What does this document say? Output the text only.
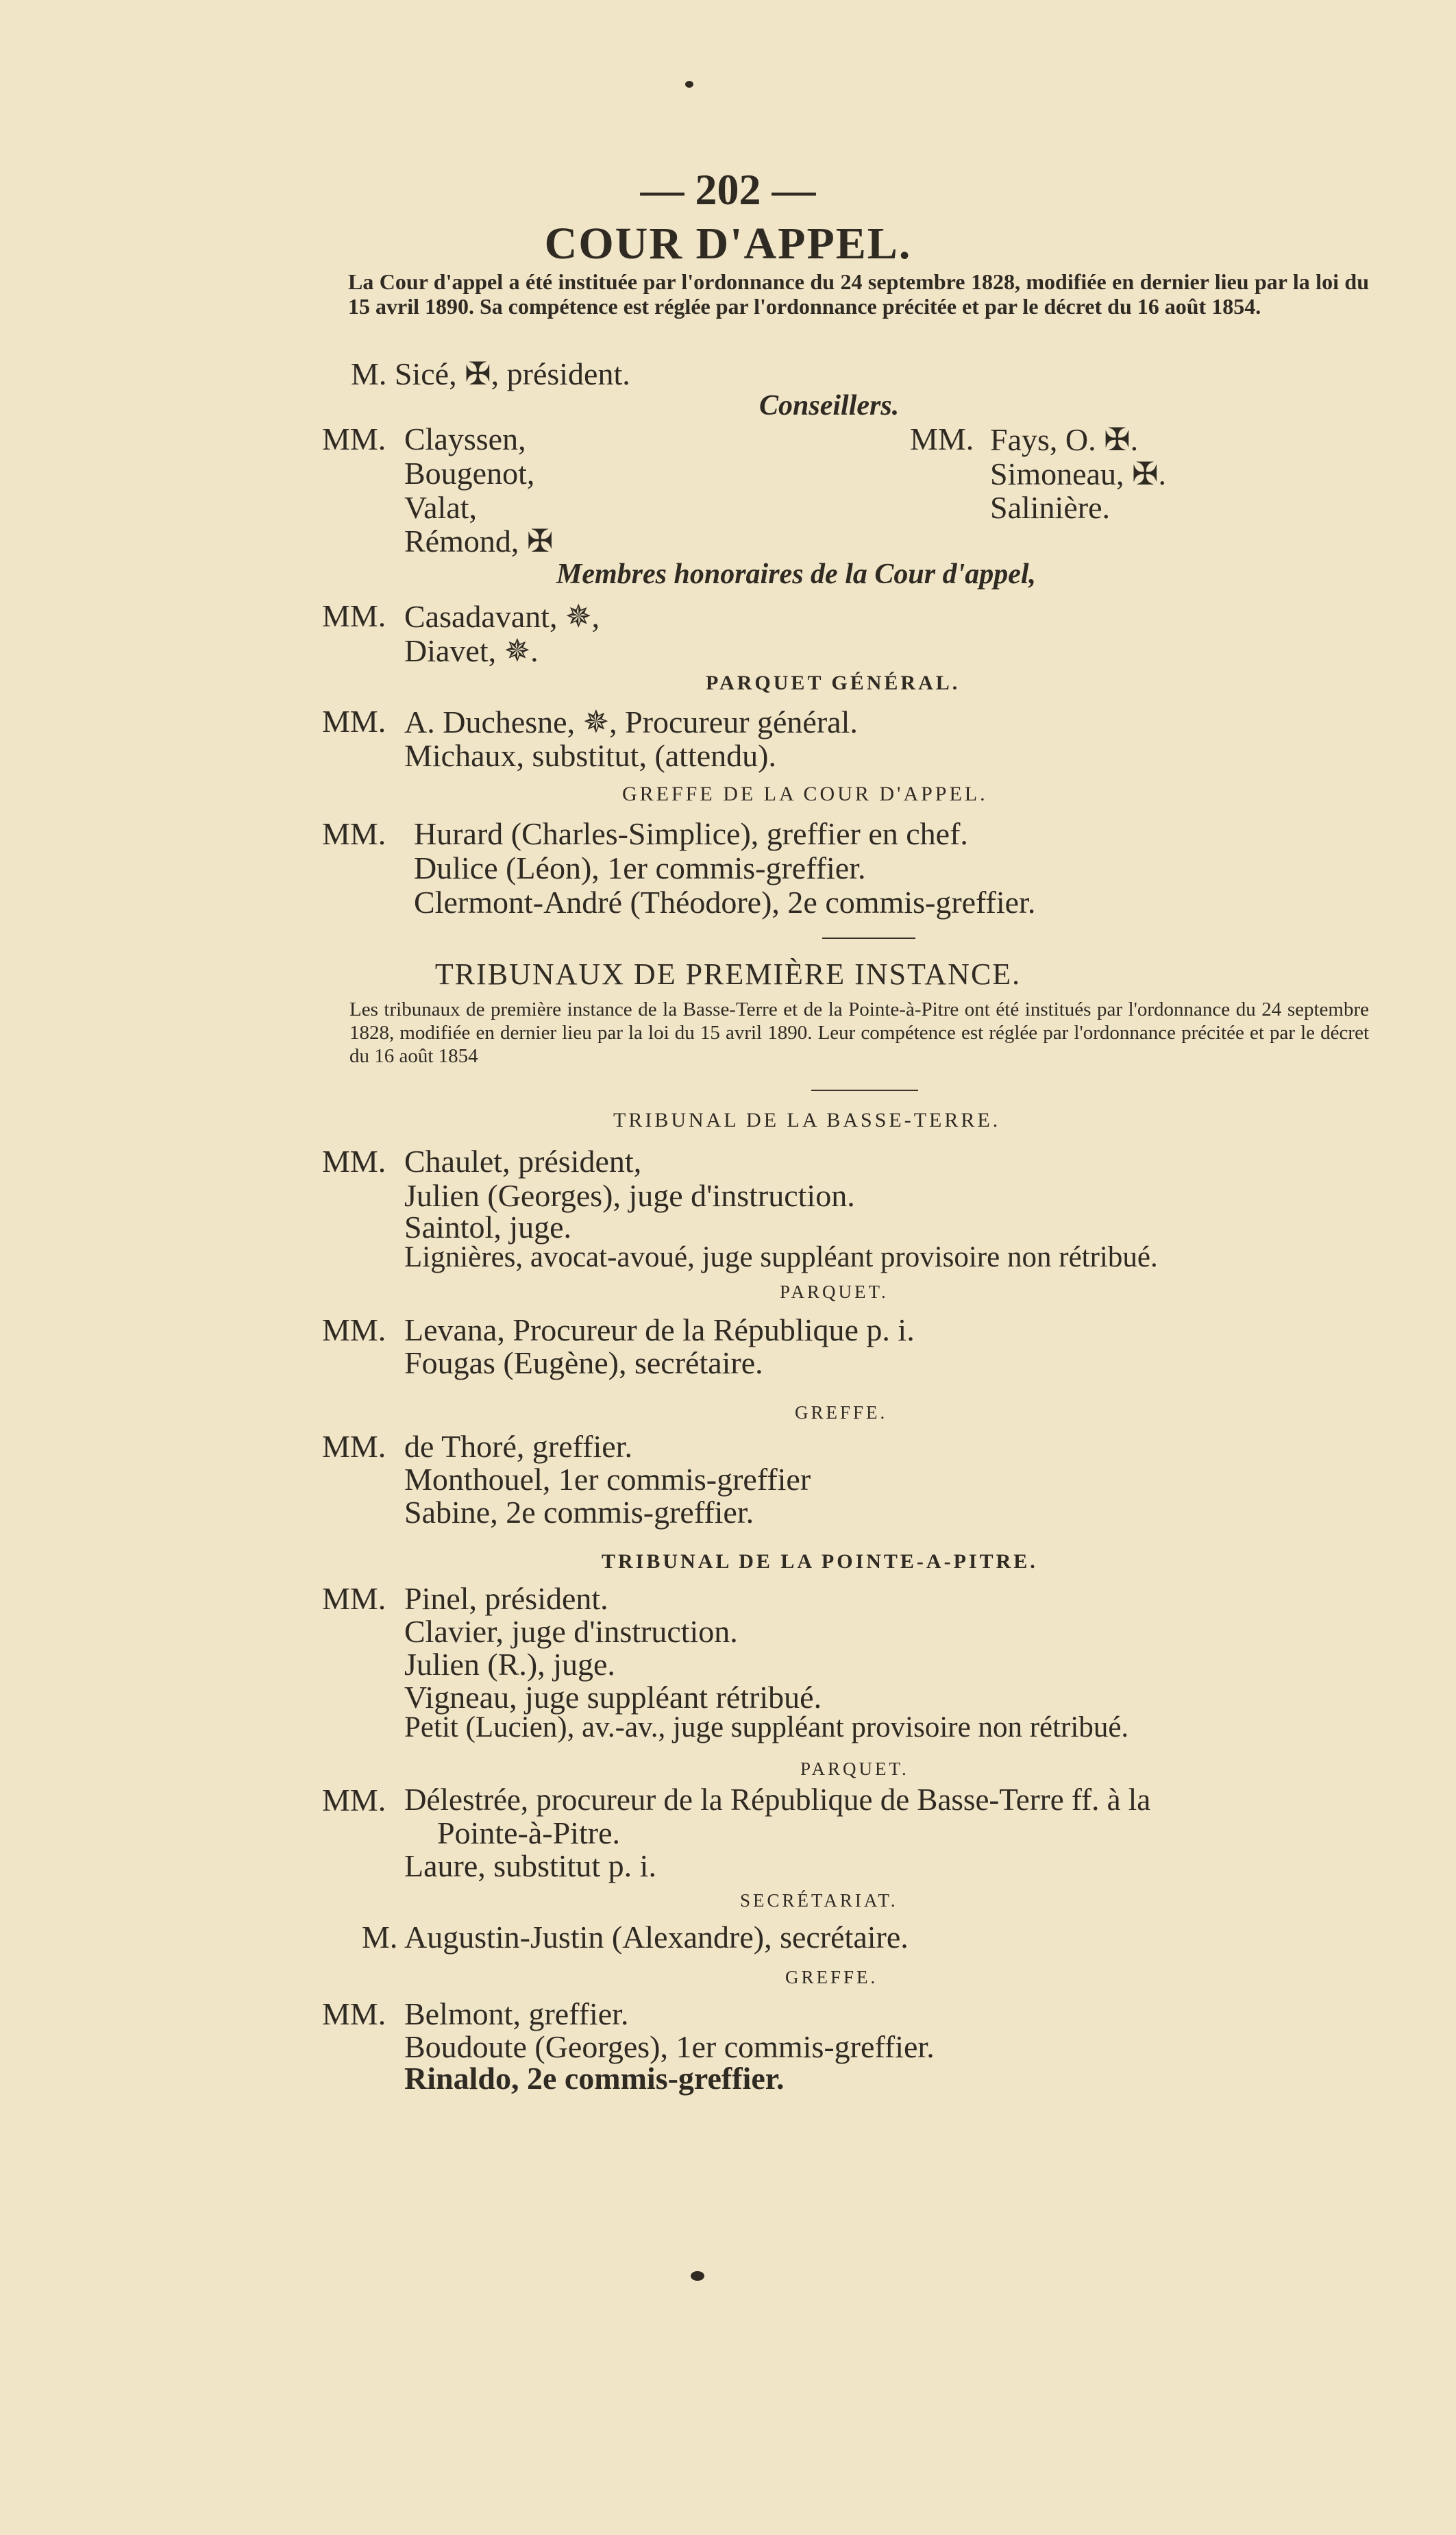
— 202 —
COUR D'APPEL.
La Cour d'appel a été instituée par l'ordonnance du 24 septembre 1828, modifiée en dernier lieu par la loi du 15 avril 1890. Sa compétence est réglée par l'ordonnance précitée et par le décret du 16 août 1854.
M. Sicé, ✠, président.
Conseillers.
MM. Clayssen,
Bougenot,
Valat,
Rémond, ✠
MM. Fays, O. ✠.
Simoneau, ✠.
Salinière.
Membres honoraires de la Cour d'appel,
MM. Casadavant, ✵,
Diavet, ✵.
PARQUET GÉNÉRAL.
MM. A. Duchesne, ✵, Procureur général.
Michaux, substitut, (attendu).
GREFFE DE LA COUR D'APPEL.
MM. Hurard (Charles-Simplice), greffier en chef.
Dulice (Léon), 1er commis-greffier.
Clermont-André (Théodore), 2e commis-greffier.
TRIBUNAUX DE PREMIÈRE INSTANCE.
Les tribunaux de première instance de la Basse-Terre et de la Pointe-à-Pitre ont été institués par l'ordonnance du 24 septembre 1828, modifiée en dernier lieu par la loi du 15 avril 1890. Leur compétence est réglée par l'ordonnance précitée et par le décret du 16 août 1854
TRIBUNAL DE LA BASSE-TERRE.
MM. Chaulet, président,
Julien (Georges), juge d'instruction.
Saintol, juge.
Lignières, avocat-avoué, juge suppléant provisoire non rétribué.
PARQUET.
MM. Levana, Procureur de la République p. i.
Fougas (Eugène), secrétaire.
GREFFE.
MM. de Thoré, greffier.
Monthouel, 1er commis-greffier
Sabine, 2e commis-greffier.
TRIBUNAL DE LA POINTE-A-PITRE.
MM. Pinel, président.
Clavier, juge d'instruction.
Julien (R.), juge.
Vigneau, juge suppléant rétribué.
Petit (Lucien), av.-av., juge suppléant provisoire non rétribué.
PARQUET.
MM. Délestrée, procureur de la République de Basse-Terre ff. à la
Pointe-à-Pitre.
Laure, substitut p. i.
SECRÉTARIAT.
M. Augustin-Justin (Alexandre), secrétaire.
GREFFE.
MM. Belmont, greffier.
Boudoute (Georges), 1er commis-greffier.
Rinaldo, 2e commis-greffier.
